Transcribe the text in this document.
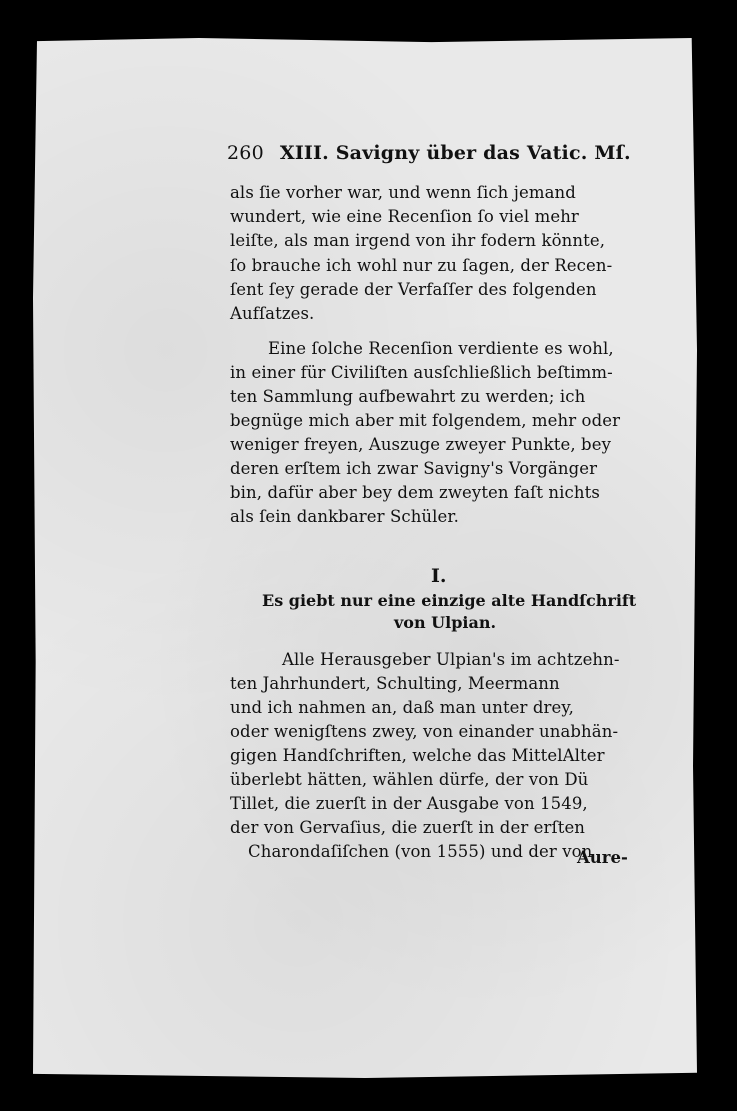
260 XIII. Savigny über das Vatic. Mſ.
als ſie vorher war, und wenn ſich jemand
wundert, wie eine Recenſion ſo viel mehr
leiſte, als man irgend von ihr fodern könnte,
ſo brauche ich wohl nur zu ſagen, der Recen-
ſent ſey gerade der Verfaſſer des folgenden
Aufſatzes.
Eine ſolche Recenſion verdiente es wohl,
in einer für Civiliſten ausſchließlich beſtimm-
ten Sammlung aufbewahrt zu werden; ich
begnüge mich aber mit folgendem, mehr oder
weniger freyen, Auszuge zweyer Punkte, bey
deren erſtem ich zwar Savigny's Vorgänger
bin, dafür aber bey dem zweyten faſt nichts
als ſein dankbarer Schüler.
I.
Es giebt nur eine einzige alte Handſchrift
von Ulpian.
Alle Herausgeber Ulpian's im achtzehn-
ten Jahrhundert, Schulting, Meermann
und ich nahmen an, daß man unter drey,
oder wenigſtens zwey, von einander unabhän-
gigen Handſchriften, welche das MittelAlter
überlebt hätten, wählen dürfe, der von Dü
Tillet, die zuerſt in der Ausgabe von 1549,
der von Gervaſius, die zuerſt in der erſten
Charondaſiſchen (von 1555) und der von
Aure-
